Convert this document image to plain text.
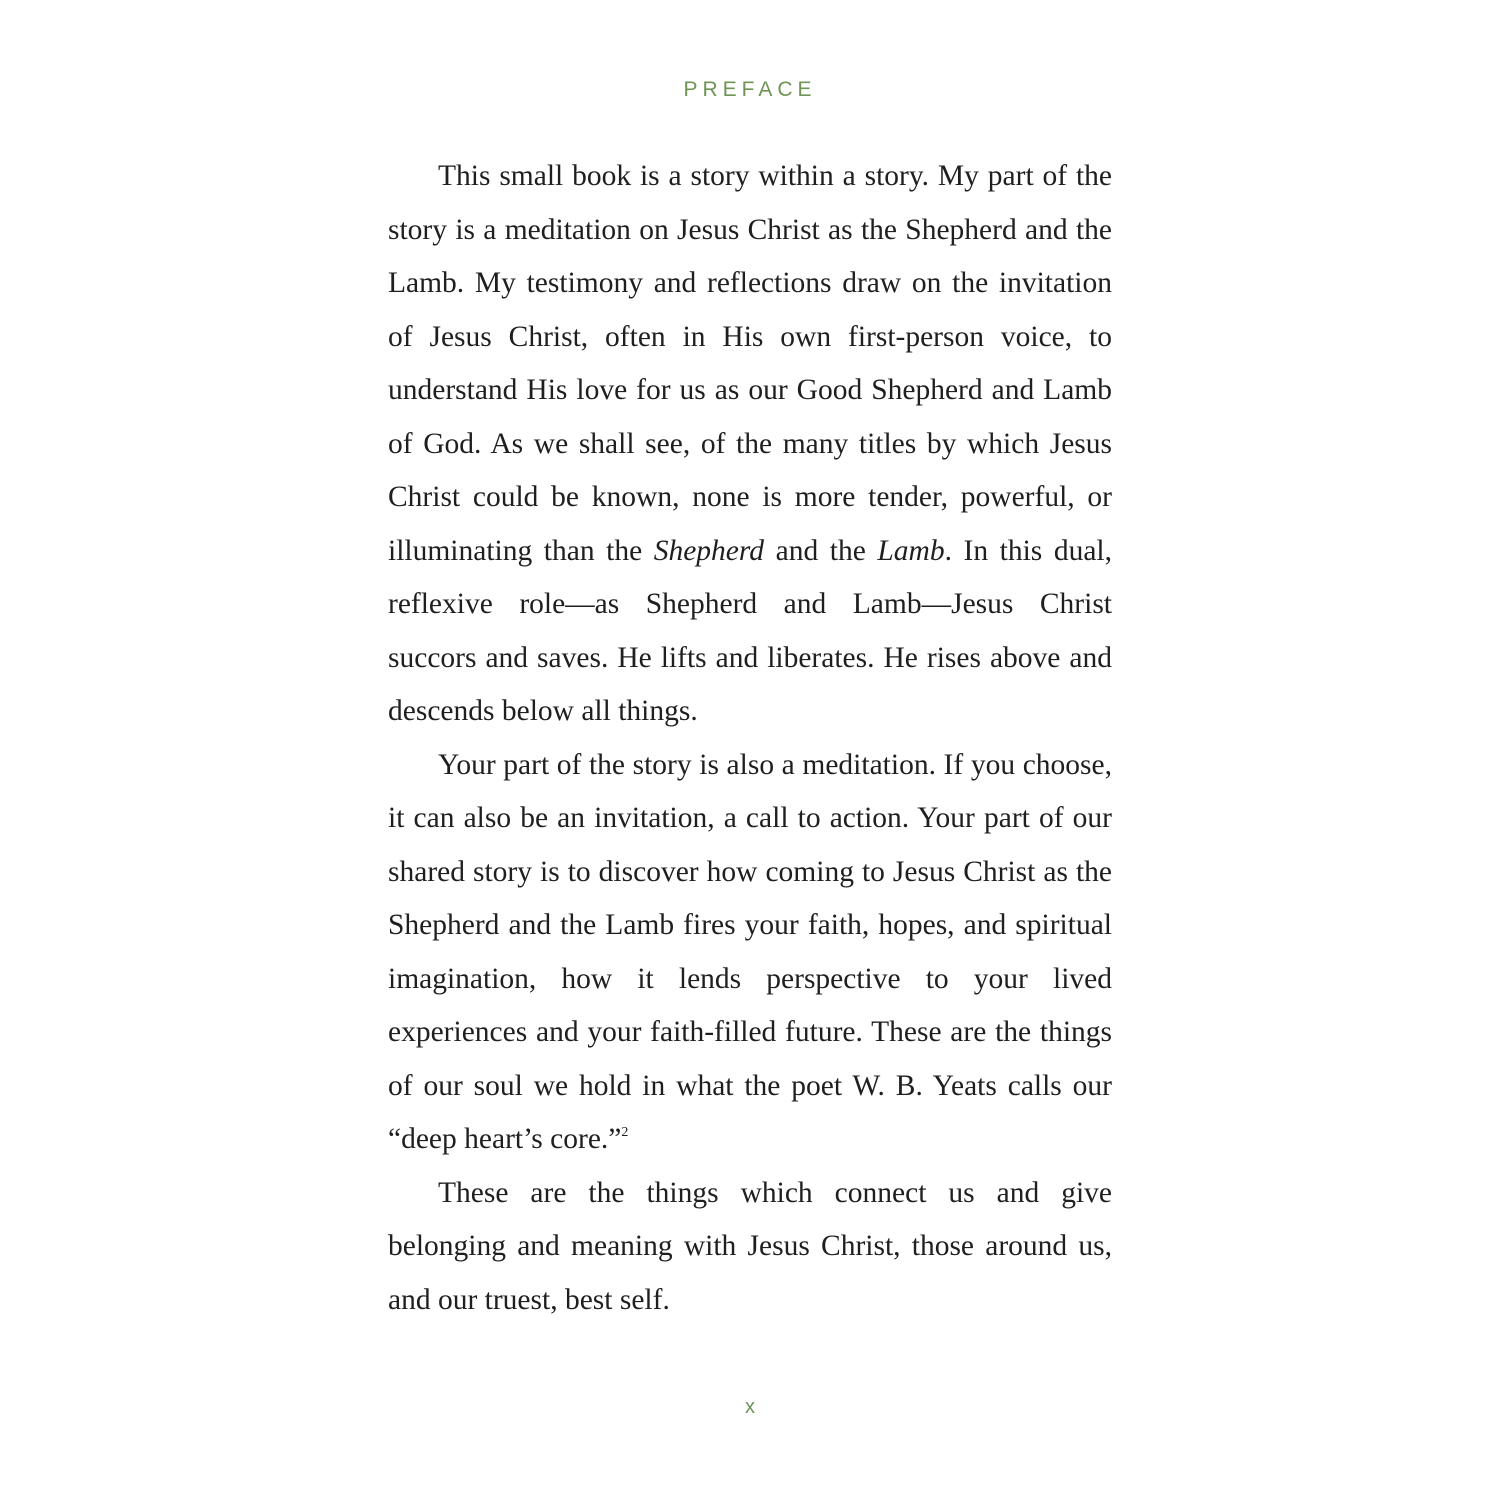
PREFACE

This small book is a story within a story. My part of the story is a meditation on Jesus Christ as the Shepherd and the Lamb. My testimony and reflections draw on the invitation of Jesus Christ, often in His own first-person voice, to understand His love for us as our Good Shepherd and Lamb of God. As we shall see, of the many titles by which Jesus Christ could be known, none is more tender, powerful, or illuminating than the Shepherd and the Lamb. In this dual, reflexive role—as Shepherd and Lamb—Jesus Christ succors and saves. He lifts and liberates. He rises above and descends below all things.

Your part of the story is also a meditation. If you choose, it can also be an invitation, a call to action. Your part of our shared story is to discover how coming to Jesus Christ as the Shepherd and the Lamb fires your faith, hopes, and spiritual imagination, how it lends perspective to your lived experiences and your faith-filled future. These are the things of our soul we hold in what the poet W. B. Yeats calls our “deep heart’s core.”$^2$

These are the things which connect us and give belonging and meaning with Jesus Christ, those around us, and our truest, best self.

x
